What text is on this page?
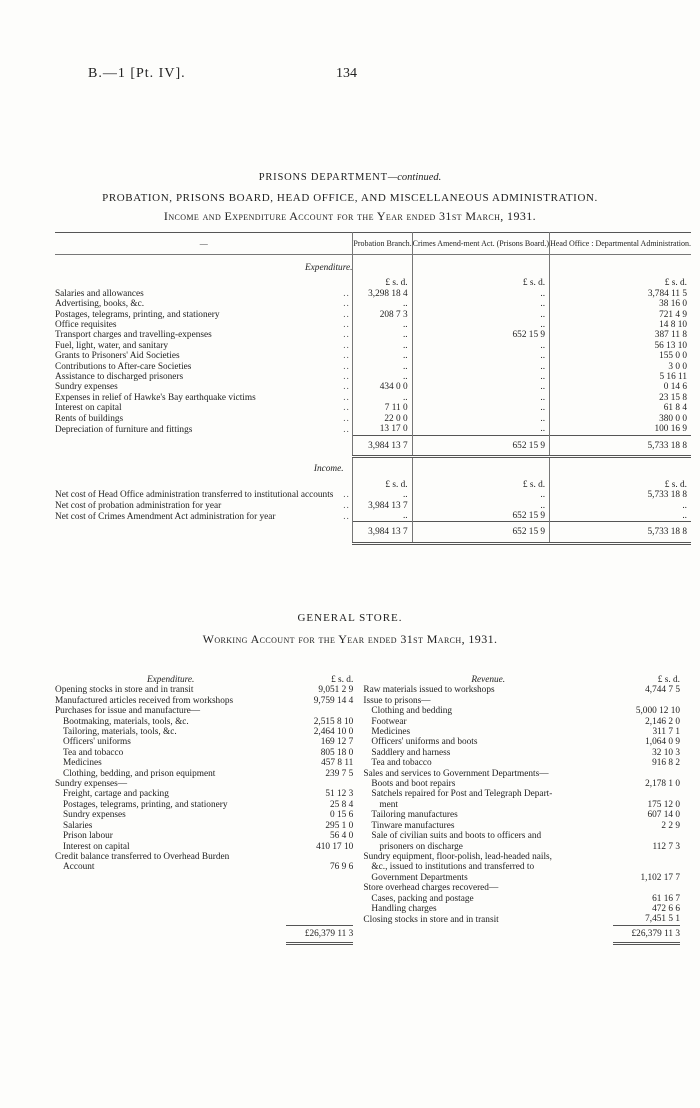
B.—1 [Pt. IV].	134
PRISONS DEPARTMENT—continued.
PROBATION, PRISONS BOARD, HEAD OFFICE, AND MISCELLANEOUS ADMINISTRATION.
Income and Expenditure Account for the Year ended 31st March, 1931.
—		Probation Branch.	Crimes Amend-ment Act. (Prisons Board.)	Head Office : Departmental Administration.
Expenditure.				
		£ s. d.	£ s. d.	£ s. d.
Salaries and allowances	..	3,298 18 4	..	3,784 11 5
Advertising, books, &c.	..	..	..	38 16 0
Postages, telegrams, printing, and stationery	..	208 7 3	..	721 4 9
Office requisites	..	..	..	14 8 10
Transport charges and travelling-expenses	..	..	652 15 9	387 11 8
Fuel, light, water, and sanitary	..	..	..	56 13 10
Grants to Prisoners' Aid Societies	..	..	..	155 0 0
Contributions to After-care Societies	..	..	..	3 0 0
Assistance to discharged prisoners	..	..	..	5 16 11
Sundry expenses	..	434 0 0	..	0 14 6
Expenses in relief of Hawke's Bay earthquake victims	..	..	..	23 15 8
Interest on capital	..	7 11 0	..	61 8 4
Rents of buildings	..	22 0 0	..	380 0 0
Depreciation of furniture and fittings	..	13 17 0	..	100 16 9
		3,984 13 7	652 15 9	5,733 18 8
Income.				
		£ s. d.	£ s. d.	£ s. d.
Net cost of Head Office administration transferred to institutional accounts	..	..	..	5,733 18 8
Net cost of probation administration for year	..	3,984 13 7	..	..
Net cost of Crimes Amendment Act administration for year	..	..	652 15 9	..
		3,984 13 7	652 15 9	5,733 18 8
GENERAL STORE.
Working Account for the Year ended 31st March, 1931.
Expenditure.	£ s. d.		Revenue.	£ s. d.
Opening stocks in store and in transit	9,051 2 9		Raw materials issued to workshops	4,744 7 5
Manufactured articles received from workshops	9,759 14 4		Issue to prisons—	
Purchases for issue and manufacture—			Clothing and bedding	5,000 12 10
Bootmaking, materials, tools, &c.	2,515 8 10		Footwear	2,146 2 0
Tailoring, materials, tools, &c.	2,464 10 0		Medicines	311 7 1
Officers' uniforms	169 12 7		Officers' uniforms and boots	1,064 0 9
Tea and tobacco	805 18 0		Saddlery and harness	32 10 3
Medicines	457 8 11		Tea and tobacco	916 8 2
Clothing, bedding, and prison equipment	239 7 5		Sales and services to Government Departments—	
Sundry expenses—			Boots and boot repairs	2,178 1 0
Freight, cartage and packing	51 12 3		Satchels repaired for Post and Telegraph Depart-	
Postages, telegrams, printing, and stationery	25 8 4		ment	175 12 0
Sundry expenses	0 15 6		Tailoring manufactures	607 14 0
Salaries	295 1 0		Tinware manufactures	2 2 9
Prison labour	56 4 0		Sale of civilian suits and boots to officers and	
Interest on capital	410 17 10		prisoners on discharge	112 7 3
Credit balance transferred to Overhead Burden			Sundry equipment, floor-polish, lead-headed nails,	
Account	76 9 6		&c., issued to institutions and transferred to	
			Government Departments	1,102 17 7
			Store overhead charges recovered—	
			Cases, packing and postage	61 16 7
			Handling charges	472 6 6
			Closing stocks in store and in transit	7,451 5 1
	£26,379 11 3			£26,379 11 3
